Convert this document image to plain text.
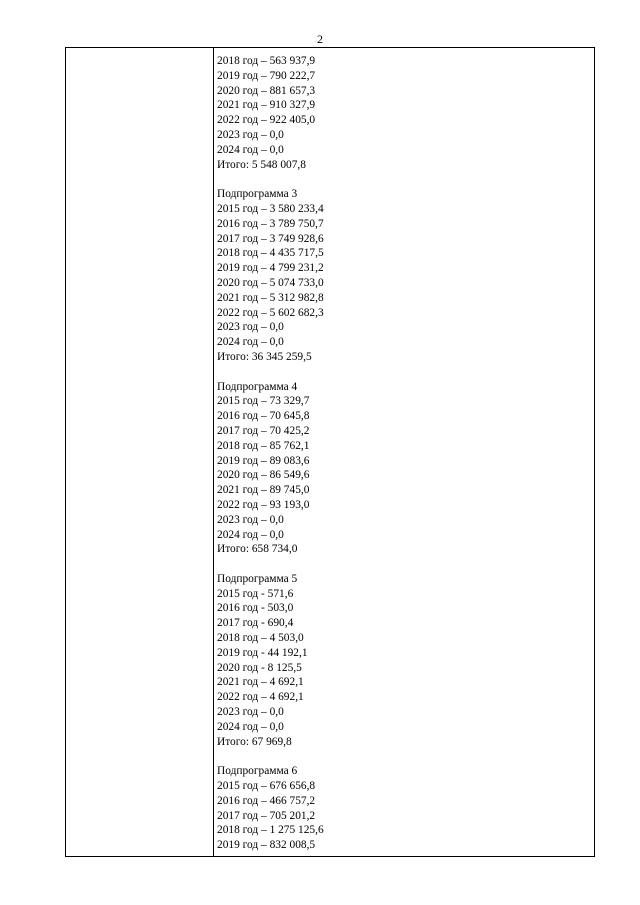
2
2018 год – 563 937,9
2019 год – 790 222,7
2020 год – 881 657,3
2021 год – 910 327,9
2022 год – 922 405,0
2023 год – 0,0
2024 год – 0,0
Итого: 5 548 007,8
Подпрограмма 3
2015 год – 3 580 233,4
2016 год – 3 789 750,7
2017 год – 3 749 928,6
2018 год – 4 435 717,5
2019 год – 4 799 231,2
2020 год – 5 074 733,0
2021 год – 5 312 982,8
2022 год – 5 602 682,3
2023 год – 0,0
2024 год – 0,0
Итого: 36 345 259,5
Подпрограмма 4
2015 год – 73 329,7
2016 год – 70 645,8
2017 год – 70 425,2
2018 год – 85 762,1
2019 год – 89 083,6
2020 год – 86 549,6
2021 год – 89 745,0
2022 год – 93 193,0
2023 год – 0,0
2024 год – 0,0
Итого: 658 734,0
Подпрограмма 5
2015 год - 571,6
2016 год - 503,0
2017 год - 690,4
2018 год – 4 503,0
2019 год - 44 192,1
2020 год - 8 125,5
2021 год – 4 692,1
2022 год – 4 692,1
2023 год – 0,0
2024 год – 0,0
Итого: 67 969,8
Подпрограмма 6
2015 год – 676 656,8
2016 год – 466 757,2
2017 год – 705 201,2
2018 год – 1 275 125,6
2019 год – 832 008,5
